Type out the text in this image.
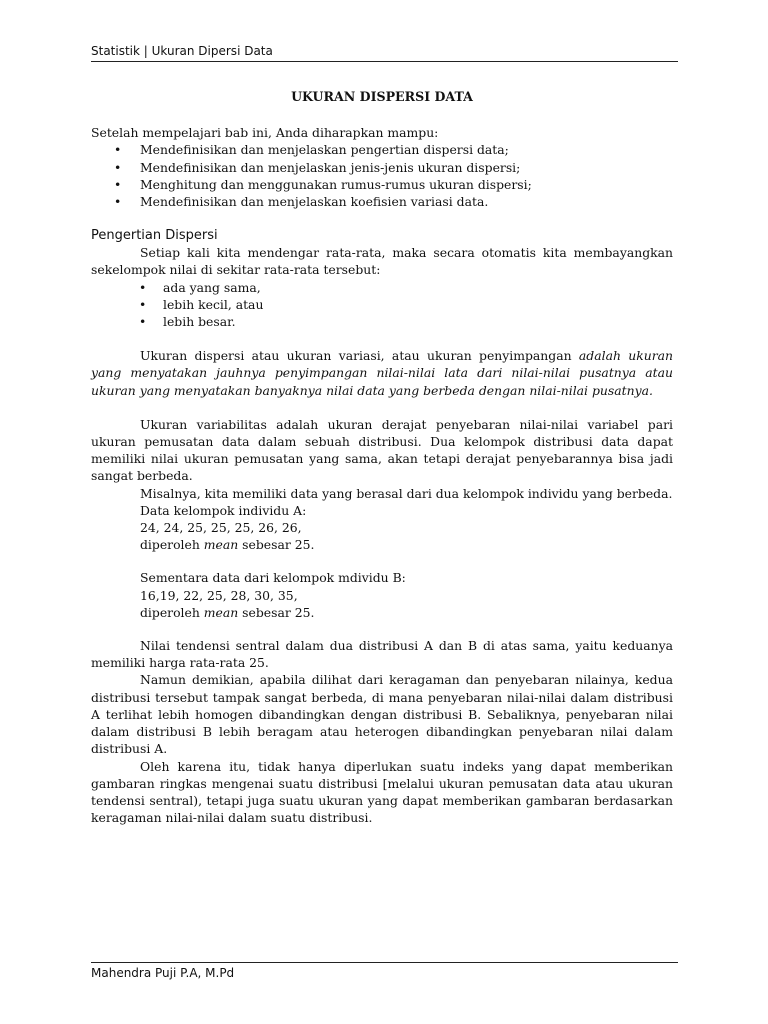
Statistik | Ukuran Dipersi Data

UKURAN DISPERSI DATA

Setelah mempelajari bab ini, Anda diharapkan mampu:

• Mendefinisikan dan menjelaskan pengertian dispersi data;
• Mendefinisikan dan menjelaskan jenis-jenis ukuran dispersi;
• Menghitung dan menggunakan rumus-rumus ukuran dispersi;
• Mendefinisikan dan menjelaskan koefisien variasi data.
Pengertian Dispersi

Setiap kali kita mendengar rata-rata, maka secara otomatis kita membayangkan sekelompok nilai di sekitar rata-rata tersebut:

• ada yang sama,
• lebih kecil, atau
• lebih besar.

Ukuran dispersi atau ukuran variasi, atau ukuran penyimpangan adalah ukuran yang menyatakan jauhnya penyimpangan nilai-nilai lata dari nilai-nilai pusatnya atau ukuran yang menyatakan banyaknya nilai data yang berbeda dengan nilai-nilai pusatnya.

Ukuran variabilitas adalah ukuran derajat penyebaran nilai-nilai variabel pari ukuran pemusatan data dalam sebuah distribusi. Dua kelompok distribusi data dapat memiliki nilai ukuran pemusatan yang sama, akan tetapi derajat penyebarannya bisa jadi sangat berbeda.

Misalnya, kita memiliki data yang berasal dari dua kelompok individu yang berbeda.

Data kelompok individu A:

24, 24, 25, 25, 25, 26, 26,

diperoleh mean sebesar 25.

Sementara data dari kelompok mdividu B:

16,19, 22, 25, 28, 30, 35,

diperoleh mean sebesar 25.

Nilai tendensi sentral dalam dua distribusi A dan B di atas sama, yaitu keduanya memiliki harga rata-rata 25.

Namun demikian, apabila dilihat dari keragaman dan penyebaran nilainya, kedua distribusi tersebut tampak sangat berbeda, di mana penyebaran nilai-nilai dalam distribusi A terlihat lebih homogen dibandingkan dengan distribusi B. Sebaliknya, penyebaran nilai dalam distribusi B lebih beragam atau heterogen dibandingkan penyebaran nilai dalam distribusi A.

Oleh karena itu, tidak hanya diperlukan suatu indeks yang dapat memberikan gambaran ringkas mengenai suatu distribusi [melalui ukuran pemusatan data atau ukuran tendensi sentral), tetapi juga suatu ukuran yang dapat memberikan gambaran berdasarkan keragaman nilai-nilai dalam suatu distribusi.

Mahendra Puji P.A, M.Pd
